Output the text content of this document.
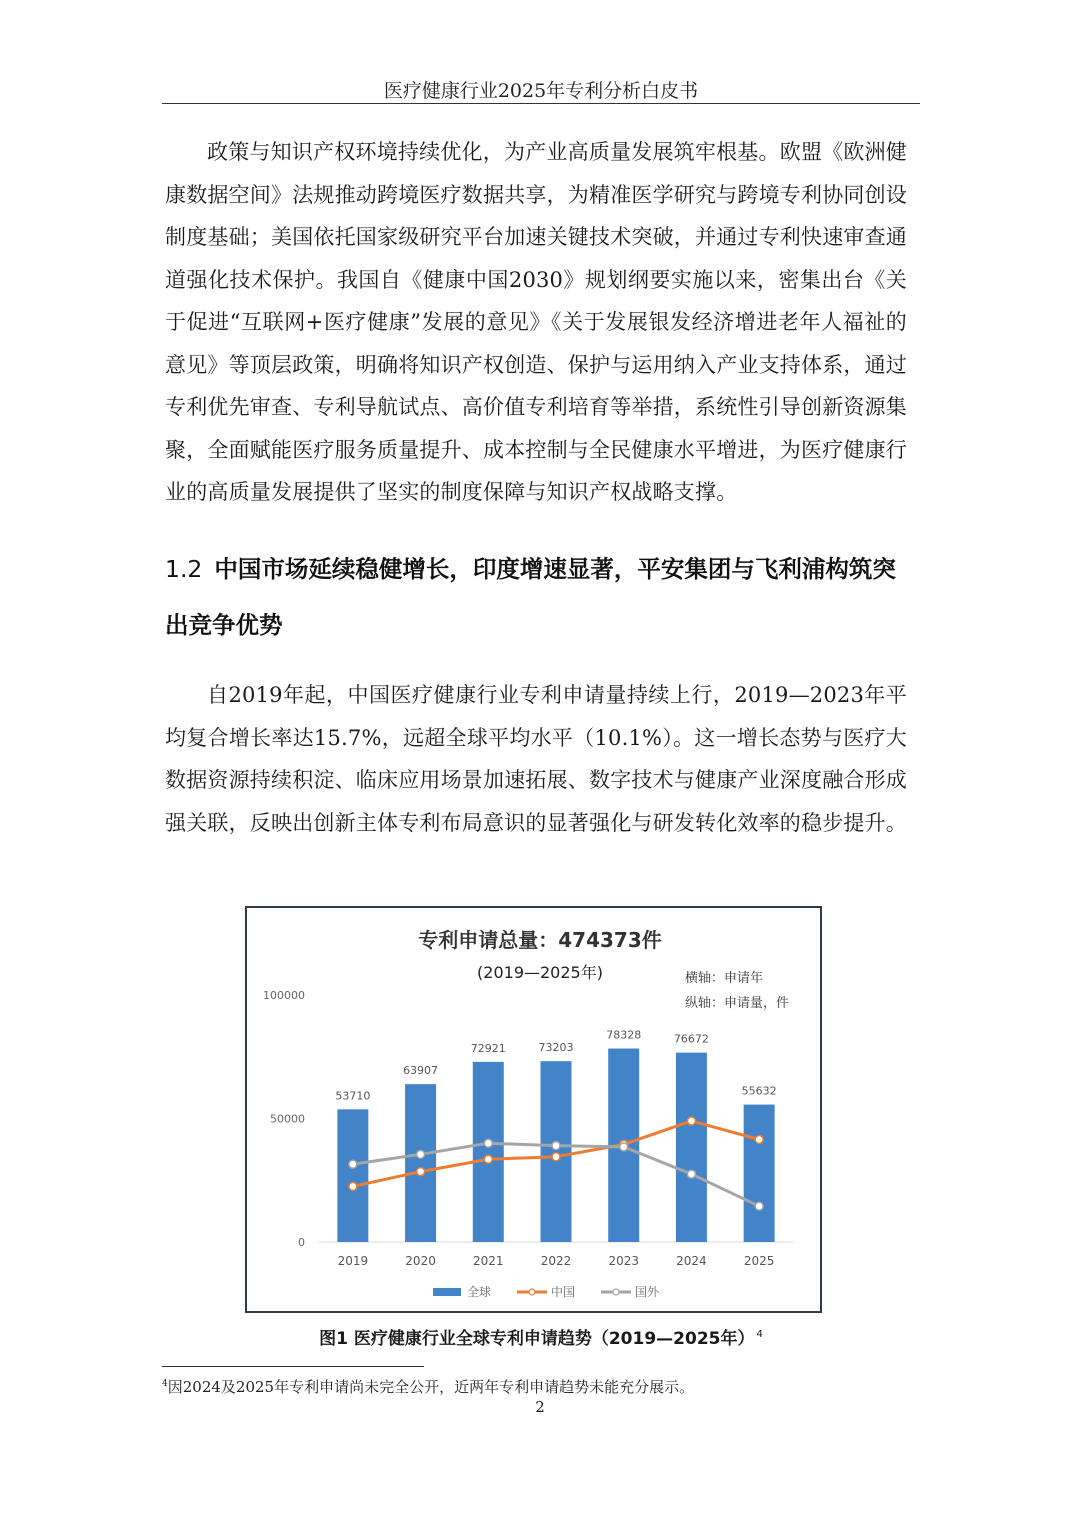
医疗健康行业2025年专利分析白皮书

政策与知识产权环境持续优化，为产业高质量发展筑牢根基。欧盟《欧洲健康数据空间》法规推动跨境医疗数据共享，为精准医学研究与跨境专利协同创设制度基础；美国依托国家级研究平台加速关键技术突破，并通过专利快速审查通道强化技术保护。我国自《健康中国2030》规划纲要实施以来，密集出台《关于促进“互联网+医疗健康”发展的意见》《关于发展银发经济增进老年人福祉的意见》等顶层政策，明确将知识产权创造、保护与运用纳入产业支持体系，通过专利优先审查、专利导航试点、高价值专利培育等举措，系统性引导创新资源集聚，全面赋能医疗服务质量提升、成本控制与全民健康水平增进，为医疗健康行业的高质量发展提供了坚实的制度保障与知识产权战略支撑。

1.2 中国市场延续稳健增长，印度增速显著，平安集团与飞利浦构筑突出竞争优势

自2019年起，中国医疗健康行业专利申请量持续上行，2019—2023年平均复合增长率达15.7%，远超全球平均水平（10.1%）。这一增长态势与医疗大数据资源持续积淀、临床应用场景加速拓展、数字技术与健康产业深度融合形成强关联，反映出创新主体专利布局意识的显著强化与研发转化效率的稳步提升。

专利申请总量：474373件
(2019—2025年)	横轴：申请年
纵轴：申请量，件
0
50000
100000
2019	2020	2021	2022	2023	2024	2025
53710
63907
72921	73203
78328	76672
55632
全球	中国	国外
图1 医疗健康行业全球专利申请趋势（2019—2025年） $^4$
$^4$因2024及2025年专利申请尚未完全公开，近两年专利申请趋势未能充分展示。
2
